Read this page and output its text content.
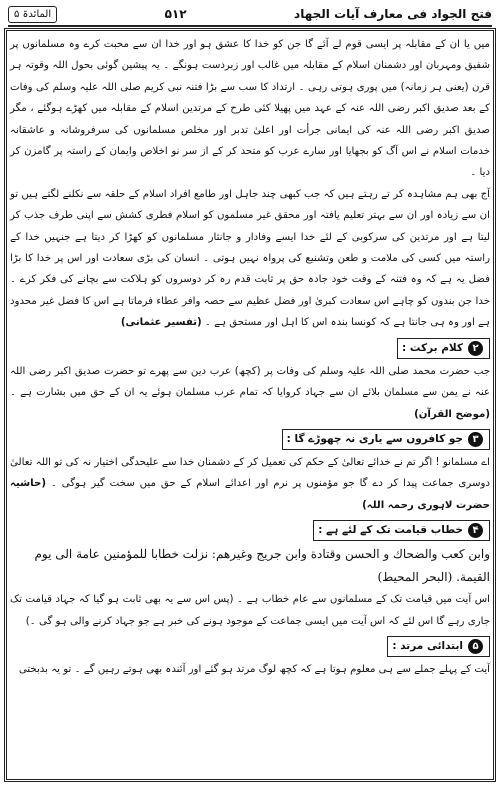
المائدۃ ۵	۵۱۲	فتح الجواد فی معارف آیات الجهاد

میں یا ان کے مقابلہ پر ایسی قوم لے آئے گا جن کو خدا کا عشق ہو اور خدا ان سے محبت کرے وہ مسلمانوں پر شفیق ومہربان اور دشمنان اسلام کے مقابلہ میں غالب اور زبردست ہونگے ۔ یہ پیشین گوئی بحول اللہ وقوتہ ہر قرن (یعنی ہر زمانہ) میں پوری ہوتی رہی ۔ ارتداد کا سب سے بڑا فتنہ نبی کریم صلی اللہ علیہ وسلم کی وفات کے بعد صدیق اکبر رضی اللہ عنہ کے عہد میں پھیلا کئی طرح کے مرتدین اسلام کے مقابلہ میں کھڑے ہوگئے ، مگر صدیق اکبر رضی اللہ عنہ کی ایمانی جرأت اور اعلیٰ تدبر اور مخلص مسلمانوں کی سرفروشانہ و عاشقانہ خدمات اسلام نے اس آگ کو بجھایا اور سارے عرب کو متحد کر کے از سر نو اخلاص وایمان کے راستہ پر گامزن کر دیا ۔

آج بھی ہم مشاہدہ کر تے رہتے ہیں کہ جب کبھی چند جاہل اور طامع افراد اسلام کے حلقہ سے نکلنے لگتے ہیں تو ان سے زیادہ اور ان سے بہتر تعلیم یافتہ اور محقق غیر مسلموں کو اسلام فطری کشش سے اپنی طرف جذب کر لیتا ہے اور مرتدین کی سرکوبی کے لئے خدا ایسے وفادار و جانثار مسلمانوں کو کھڑا کر دیتا ہے جنہیں خدا کے راستہ میں کسی کی ملامت و طعن وتشنیع کی پرواہ نہیں ہوتی ۔ انسان کی بڑی سعادت اور اس پر خدا کا بڑا فضل یہ ہے کہ وہ فتنہ کے وقت خود جادہ حق پر ثابت قدم رہ کر دوسروں کو ہلاکت سے بچانے کی فکر کرے ۔ خدا جن بندوں کو چاہے اس سعادت کبریٰ اور فضل عظیم سے حصہ وافر عطاء فرماتا ہے اس کا فضل غیر محدود ہے اور وہ ہی جانتا ہے کہ کونسا بندہ اس کا اہل اور مستحق ہے ۔ (تفسیر عثمانی)

۲
کلام برکت :

جب حضرت محمد صلی اللہ علیہ وسلم کی وفات پر (کچھ) عرب دین سے پھرے تو حضرت صدیق اکبر رضی اللہ عنہ نے یمن سے مسلمان بلائے ان سے جہاد کروایا کہ تمام عرب مسلمان ہوئے یہ ان کے حق میں بشارت ہے ۔ (موضح القرآن)

۳
جو کافروں سے یاری نہ چھوڑے گا :

اے مسلمانو ! اگر تم نے خدائے تعالیٰ کے حکم کی تعمیل کر کے دشمنان خدا سے علیحدگی اختیار نہ کی تو اللہ تعالیٰ دوسری جماعت پیدا کر دے گا جو مؤمنوں پر نرم اور اعدائے اسلام کے حق میں سخت گیر ہوگی ۔ (حاشیہ حضرت لاہوری رحمہ اللہ)

۴
خطاب قیامت تک کے لئے ہے :

وابن كعب والضحاك و الحسن وقتادة وابن جريج وغيرهم: نزلت خطابا للمؤمنين عامة الى يوم القيمة. (البحر المحيط)

اس آیت میں قیامت تک کے مسلمانوں سے عام خطاب ہے ۔ (پس اس سے یہ بھی ثابت ہو گیا کہ جہاد قیامت تک جاری رہے گا اس لئے کہ اس آیت میں ایسی جماعت کے موجود ہونے کی خبر ہے جو جہاد کرنے والی ہو گی ۔)

۵
ابتدائی مرتد :

آیت کے پہلے جملے سے ہی معلوم ہوتا ہے کہ کچھ لوگ مرتد ہو گئے اور آئندہ بھی ہوتے رہیں گے ۔ تو یہ بدبختی
